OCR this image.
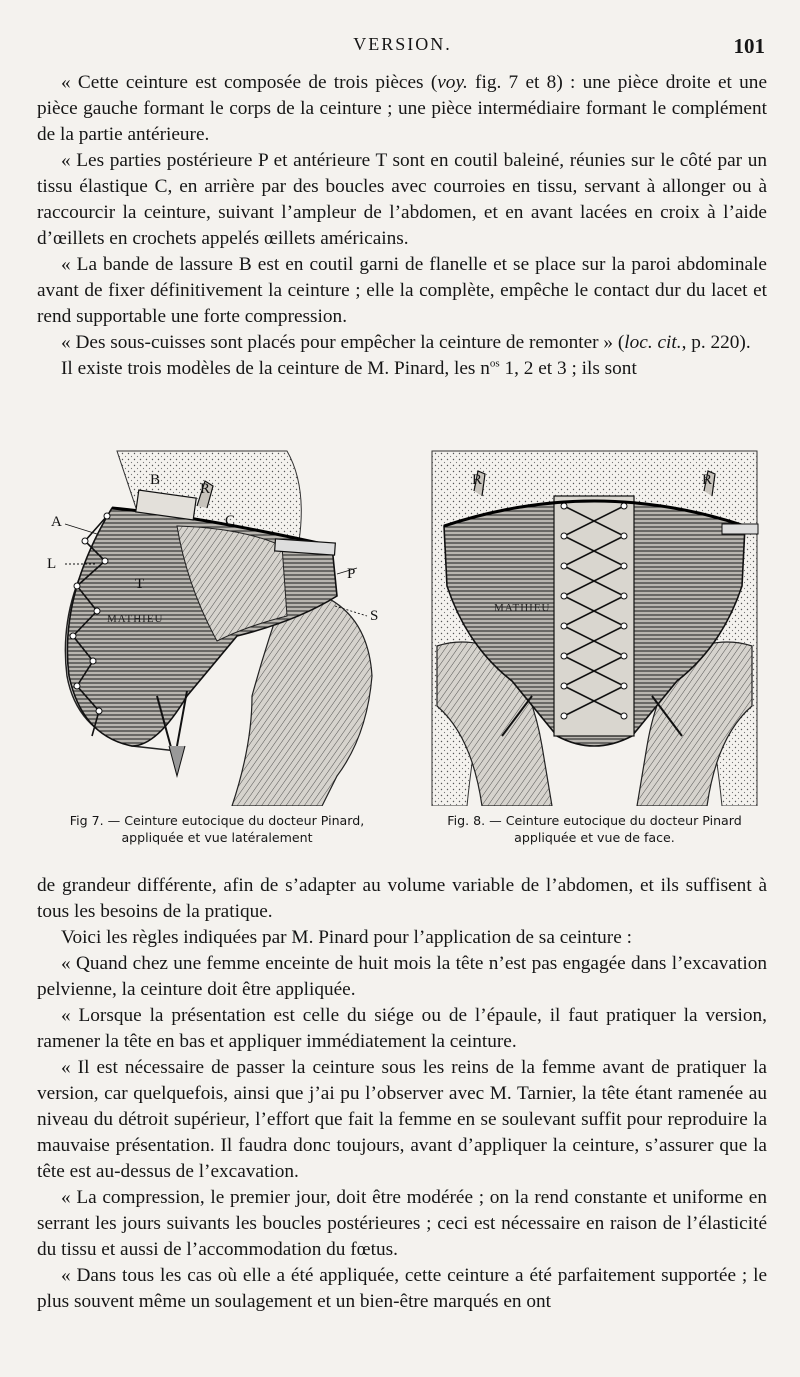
VERSION.	101

« Cette ceinture est composée de trois pièces (voy. fig. 7 et 8) : une pièce droite et une pièce gauche formant le corps de la ceinture ; une pièce intermédiaire formant le complément de la partie antérieure.

« Les parties postérieure P et antérieure T sont en coutil baleiné, réunies sur le côté par un tissu élastique C, en arrière par des boucles avec courroies en tissu, servant à allonger ou à raccourcir la ceinture, suivant l’ampleur de l’abdomen, et en avant lacées en croix à l’aide d’œillets en crochets appelés œillets américains.

« La bande de lassure B est en coutil garni de flanelle et se place sur la paroi abdominale avant de fixer définitivement la ceinture ; elle la complète, empêche le contact dur du lacet et rend supportable une forte compression.

« Des sous-cuisses sont placés pour empêcher la ceinture de remonter » (loc. cit., p. 220).

Il existe trois modèles de la ceinture de M. Pinard, les $n^{os}$ 1, 2 et 3 ; ils sont

B
R
C
A
L
T
P
S
MATHIEU
Fig 7. — Ceinture eutocique du docteur Pinard,
appliquée et vue latéralement
R	R
MATHIEU
Fig. 8. — Ceinture eutocique du docteur Pinard
appliquée et vue de face.

de grandeur différente, afin de s’adapter au volume variable de l’abdomen, et ils suffisent à tous les besoins de la pratique.

Voici les règles indiquées par M. Pinard pour l’application de sa ceinture :

« Quand chez une femme enceinte de huit mois la tête n’est pas engagée dans l’excavation pelvienne, la ceinture doit être appliquée.

« Lorsque la présentation est celle du siége ou de l’épaule, il faut pratiquer la version, ramener la tête en bas et appliquer immédiatement la ceinture.

« Il est nécessaire de passer la ceinture sous les reins de la femme avant de pratiquer la version, car quelquefois, ainsi que j’ai pu l’observer avec M. Tarnier, la tête étant ramenée au niveau du détroit supérieur, l’effort que fait la femme en se soulevant suffit pour reproduire la mauvaise présentation. Il faudra donc toujours, avant d’appliquer la ceinture, s’assurer que la tête est au-dessus de l’excavation.

« La compression, le premier jour, doit être modérée ; on la rend constante et uniforme en serrant les jours suivants les boucles postérieures ; ceci est nécessaire en raison de l’élasticité du tissu et aussi de l’accommodation du fœtus.

« Dans tous les cas où elle a été appliquée, cette ceinture a été parfaitement supportée ; le plus souvent même un soulagement et un bien-être marqués en ont
